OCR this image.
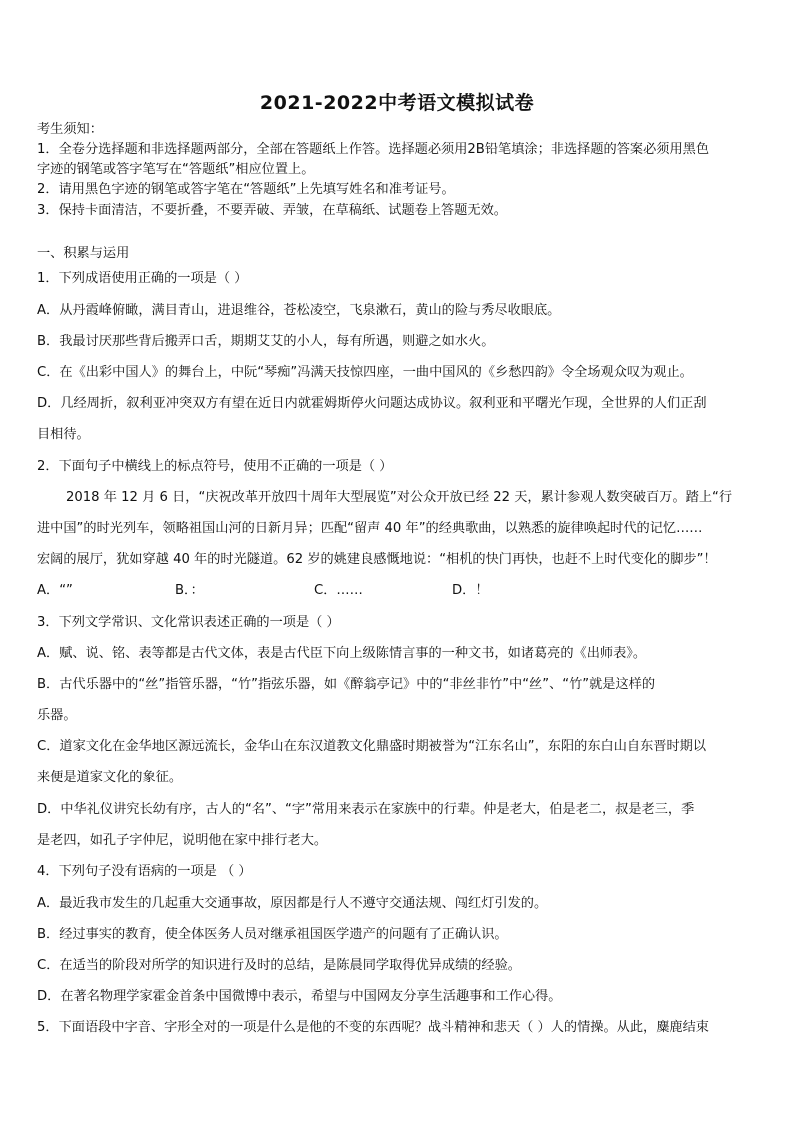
2021-2022中考语文模拟试卷
考生须知：
1．全卷分选择题和非选择题两部分，全部在答题纸上作答。选择题必须用2B铅笔填涂；非选择题的答案必须用黑色
字迹的钢笔或答字笔写在“答题纸”相应位置上。
2．请用黑色字迹的钢笔或答字笔在“答题纸”上先填写姓名和准考证号。
3．保持卡面清洁，不要折叠，不要弄破、弄皱，在草稿纸、试题卷上答题无效。
一、积累与运用
1．下列成语使用正确的一项是（ ）
A．从丹霞峰俯瞰，满目青山，进退维谷，苍松凌空，飞泉漱石，黄山的险与秀尽收眼底。
B．我最讨厌那些背后搬弄口舌，期期艾艾的小人，每有所遇，则避之如水火。
C．在《出彩中国人》的舞台上，中阮“琴痴”冯满天技惊四座，一曲中国风的《乡愁四韵》令全场观众叹为观止。
D．几经周折，叙利亚冲突双方有望在近日内就霍姆斯停火问题达成协议。叙利亚和平曙光乍现，全世界的人们正刮
目相待。
2．下面句子中横线上的标点符号，使用不正确的一项是（ ）
2018 年 12 月 6 日，“庆祝改革开放四十周年大型展览”对公众开放已经 22 天，累计参观人数突破百万。踏上“行
进中国”的时光列车，领略祖国山河的日新月异；匹配“留声 40 年”的经典歌曲，以熟悉的旋律唤起时代的记忆……
宏阔的展厅，犹如穿越 40 年的时光隧道。62 岁的姚建良感慨地说：“相机的快门再快，也赶不上时代变化的脚步”！
A．“”	B．：	C．……	D．！
3．下列文学常识、文化常识表述正确的一项是（ ）
A．赋、说、铭、表等都是古代文体，表是古代臣下向上级陈情言事的一种文书，如诸葛亮的《出师表》。
B．古代乐器中的“丝”指管乐器，“竹”指弦乐器，如《醉翁亭记》中的“非丝非竹”中“丝”、“竹”就是这样的
乐器。
C．道家文化在金华地区源远流长，金华山在东汉道教文化鼎盛时期被誉为“江东名山”，东阳的东白山自东晋时期以
来便是道家文化的象征。
D．中华礼仪讲究长幼有序，古人的“名”、“字”常用来表示在家族中的行辈。仲是老大，伯是老二，叔是老三，季
是老四，如孔子字仲尼，说明他在家中排行老大。
4．下列句子没有语病的一项是 （ ）
A．最近我市发生的几起重大交通事故，原因都是行人不遵守交通法规、闯红灯引发的。
B．经过事实的教育，使全体医务人员对继承祖国医学遗产的问题有了正确认识。
C．在适当的阶段对所学的知识进行及时的总结，是陈晨同学取得优异成绩的经验。
D．在著名物理学家霍金首条中国微博中表示，希望与中国网友分享生活趣事和工作心得。
5．下面语段中字音、字形全对的一项是什么是他的不变的东西呢？战斗精神和悲天（ ）人的情操。从此，麋鹿结束
